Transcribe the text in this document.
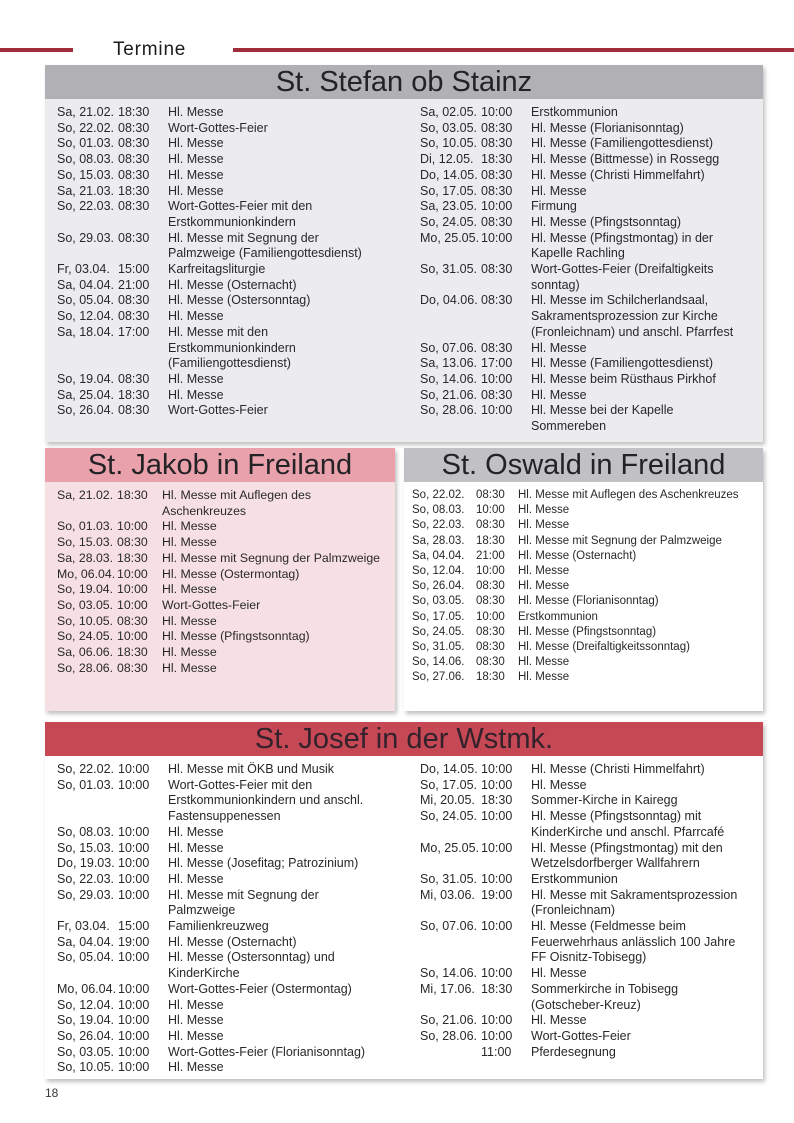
Termine
St. Stefan ob Stainz
Sa, 21.02. 18:30	Hl. Messe
So, 22.02. 08:30	Wort-Gottes-Feier
So, 01.03. 08:30	Hl. Messe
So, 08.03. 08:30	Hl. Messe
So, 15.03. 08:30	Hl. Messe
Sa, 21.03. 18:30	Hl. Messe
So, 22.03. 08:30	Wort-Gottes-Feier mit den Erstkommunionkindern
So, 29.03. 08:30	Hl. Messe mit Segnung der Palmzweige (Familiengottesdienst)
Fr, 03.04. 15:00	Karfreitagsliturgie
Sa, 04.04. 21:00	Hl. Messe (Osternacht)
So, 05.04. 08:30	Hl. Messe (Ostersonntag)
So, 12.04. 08:30	Hl. Messe
Sa, 18.04. 17:00	Hl. Messe mit den Erstkommunionkindern (Familiengottesdienst)
So, 19.04. 08:30	Hl. Messe
Sa, 25.04. 18:30	Hl. Messe
So, 26.04. 08:30	Wort-Gottes-Feier
Sa, 02.05. 10:00	Erstkommunion
So, 03.05. 08:30	Hl. Messe (Florianisonntag)
So, 10.05. 08:30	Hl. Messe (Familiengottesdienst)
Di, 12.05. 18:30	Hl. Messe (Bittmesse) in Rossegg
Do, 14.05. 08:30	Hl. Messe (Christi Himmelfahrt)
So, 17.05. 08:30	Hl. Messe
Sa, 23.05. 10:00	Firmung
So, 24.05. 08:30	Hl. Messe (Pfingstsonntag)
Mo, 25.05. 10:00	Hl. Messe (Pfingstmontag) in der Kapelle Rachling
So, 31.05. 08:30	Wort-Gottes-Feier (Dreifaltigkeits sonntag)
Do, 04.06. 08:30	Hl. Messe im Schilcherlandsaal, Sakramentsprozession zur Kirche (Fronleichnam) und anschl. Pfarrfest
So, 07.06. 08:30	Hl. Messe
Sa, 13.06. 17:00	Hl. Messe (Familiengottesdienst)
So, 14.06. 10:00	Hl. Messe beim Rüsthaus Pirkhof
So, 21.06. 08:30	Hl. Messe
So, 28.06. 10:00	Hl. Messe bei der Kapelle Sommereben
St. Jakob in Freiland
Sa, 21.02. 18:30	Hl. Messe mit Auflegen des Aschenkreuzes
So, 01.03. 10:00	Hl. Messe
So, 15.03. 08:30	Hl. Messe
Sa, 28.03. 18:30	Hl. Messe mit Segnung der Palmzweige
Mo, 06.04. 10:00	Hl. Messe (Ostermontag)
So, 19.04. 10:00	Hl. Messe
So, 03.05. 10:00	Wort-Gottes-Feier
So, 10.05. 08:30	Hl. Messe
So, 24.05. 10:00	Hl. Messe (Pfingstsonntag)
Sa, 06.06. 18:30	Hl. Messe
So, 28.06. 08:30	Hl. Messe
St. Oswald in Freiland
So, 22.02.	08:30	Hl. Messe mit Auflegen des Aschenkreuzes
So, 08.03.	10:00	Hl. Messe
So, 22.03.	08:30	Hl. Messe
Sa, 28.03.	18:30	Hl. Messe mit Segnung der Palmzweige
Sa, 04.04.	21:00	Hl. Messe (Osternacht)
So, 12.04.	10:00	Hl. Messe
So, 26.04.	08:30	Hl. Messe
So, 03.05.	08:30	Hl. Messe (Florianisonntag)
So, 17.05.	10:00	Erstkommunion
So, 24.05.	08:30	Hl. Messe (Pfingstsonntag)
So, 31.05.	08:30	Hl. Messe (Dreifaltigkeitssonntag)
So, 14.06.	08:30	Hl. Messe
So, 27.06.	18:30	Hl. Messe
St. Josef in der Wstmk.
So, 22.02. 10:00	Hl. Messe mit ÖKB und Musik
So, 01.03. 10:00	Wort-Gottes-Feier mit den Erstkommunionkindern und anschl. Fastensuppenessen
So, 08.03. 10:00	Hl. Messe
So, 15.03. 10:00	Hl. Messe
Do, 19.03. 10:00	Hl. Messe (Josefitag; Patrozinium)
So, 22.03. 10:00	Hl. Messe
So, 29.03. 10:00	Hl. Messe mit Segnung der Palmzweige
Fr, 03.04. 15:00	Familienkreuzweg
Sa, 04.04. 19:00	Hl. Messe (Osternacht)
So, 05.04. 10:00	Hl. Messe (Ostersonntag) und KinderKirche
Mo, 06.04. 10:00	Wort-Gottes-Feier (Ostermontag)
So, 12.04. 10:00	Hl. Messe
So, 19.04. 10:00	Hl. Messe
So, 26.04. 10:00	Hl. Messe
So, 03.05. 10:00	Wort-Gottes-Feier (Florianisonntag)
So, 10.05. 10:00	Hl. Messe
Do, 14.05. 10:00	Hl. Messe (Christi Himmelfahrt)
So, 17.05. 10:00	Hl. Messe
Mi, 20.05. 18:30	Sommer-Kirche in Kairegg
So, 24.05. 10:00	Hl. Messe (Pfingstsonntag) mit KinderKirche und anschl. Pfarrcafé
Mo, 25.05. 10:00	Hl. Messe (Pfingstmontag) mit den Wetzelsdorfberger Wallfahrern
So, 31.05. 10:00	Erstkommunion
Mi, 03.06. 19:00	Hl. Messe mit Sakramentsprozession (Fronleichnam)
So, 07.06. 10:00	Hl. Messe (Feldmesse beim Feuerwehrhaus anlässlich 100 Jahre FF Oisnitz-Tobisegg)
So, 14.06. 10:00	Hl. Messe
Mi, 17.06. 18:30	Sommerkirche in Tobisegg (Gotscheber-Kreuz)
So, 21.06. 10:00	Hl. Messe
So, 28.06. 10:00	Wort-Gottes-Feier
11:00	Pferdesegnung
18
